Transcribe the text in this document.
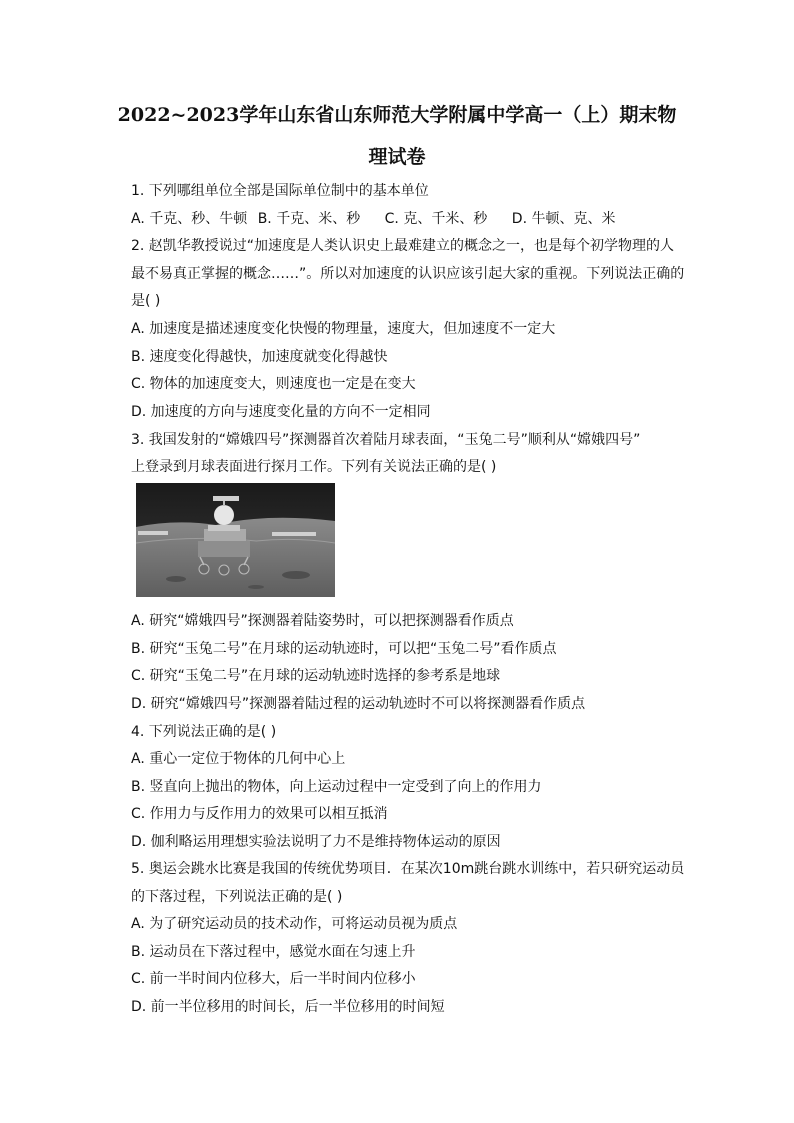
2022~2023学年山东省山东师范大学附属中学高一（上）期末物
理试卷
1. 下列哪组单位全部是国际单位制中的基本单位
A. 千克、秒、牛顿 B. 千克、米、秒 C. 克、千米、秒 D. 牛顿、克、米
2. 赵凯华教授说过“加速度是人类认识史上最难建立的概念之一，也是每个初学物理的人
最不易真正掌握的概念……”。所以对加速度的认识应该引起大家的重视。下列说法正确的
是( )
A. 加速度是描述速度变化快慢的物理量，速度大，但加速度不一定大
B. 速度变化得越快，加速度就变化得越快
C. 物体的加速度变大，则速度也一定是在变大
D. 加速度的方向与速度变化量的方向不一定相同
3. 我国发射的“嫦娥四号”探测器首次着陆月球表面，“玉兔二号”顺利从“嫦娥四号”
上登录到月球表面进行探月工作。下列有关说法正确的是( )
A. 研究“嫦娥四号”探测器着陆姿势时，可以把探测器看作质点
B. 研究“玉兔二号”在月球的运动轨迹时，可以把“玉兔二号”看作质点
C. 研究“玉兔二号”在月球的运动轨迹时选择的参考系是地球
D. 研究“嫦娥四号”探测器着陆过程的运动轨迹时不可以将探测器看作质点
4. 下列说法正确的是( )
A. 重心一定位于物体的几何中心上
B. 竖直向上抛出的物体，向上运动过程中一定受到了向上的作用力
C. 作用力与反作用力的效果可以相互抵消
D. 伽利略运用理想实验法说明了力不是维持物体运动的原因
5. 奥运会跳水比赛是我国的传统优势项目．在某次10m跳台跳水训练中，若只研究运动员
的下落过程，下列说法正确的是( )
A. 为了研究运动员的技术动作，可将运动员视为质点
B. 运动员在下落过程中，感觉水面在匀速上升
C. 前一半时间内位移大，后一半时间内位移小
D. 前一半位移用的时间长，后一半位移用的时间短
